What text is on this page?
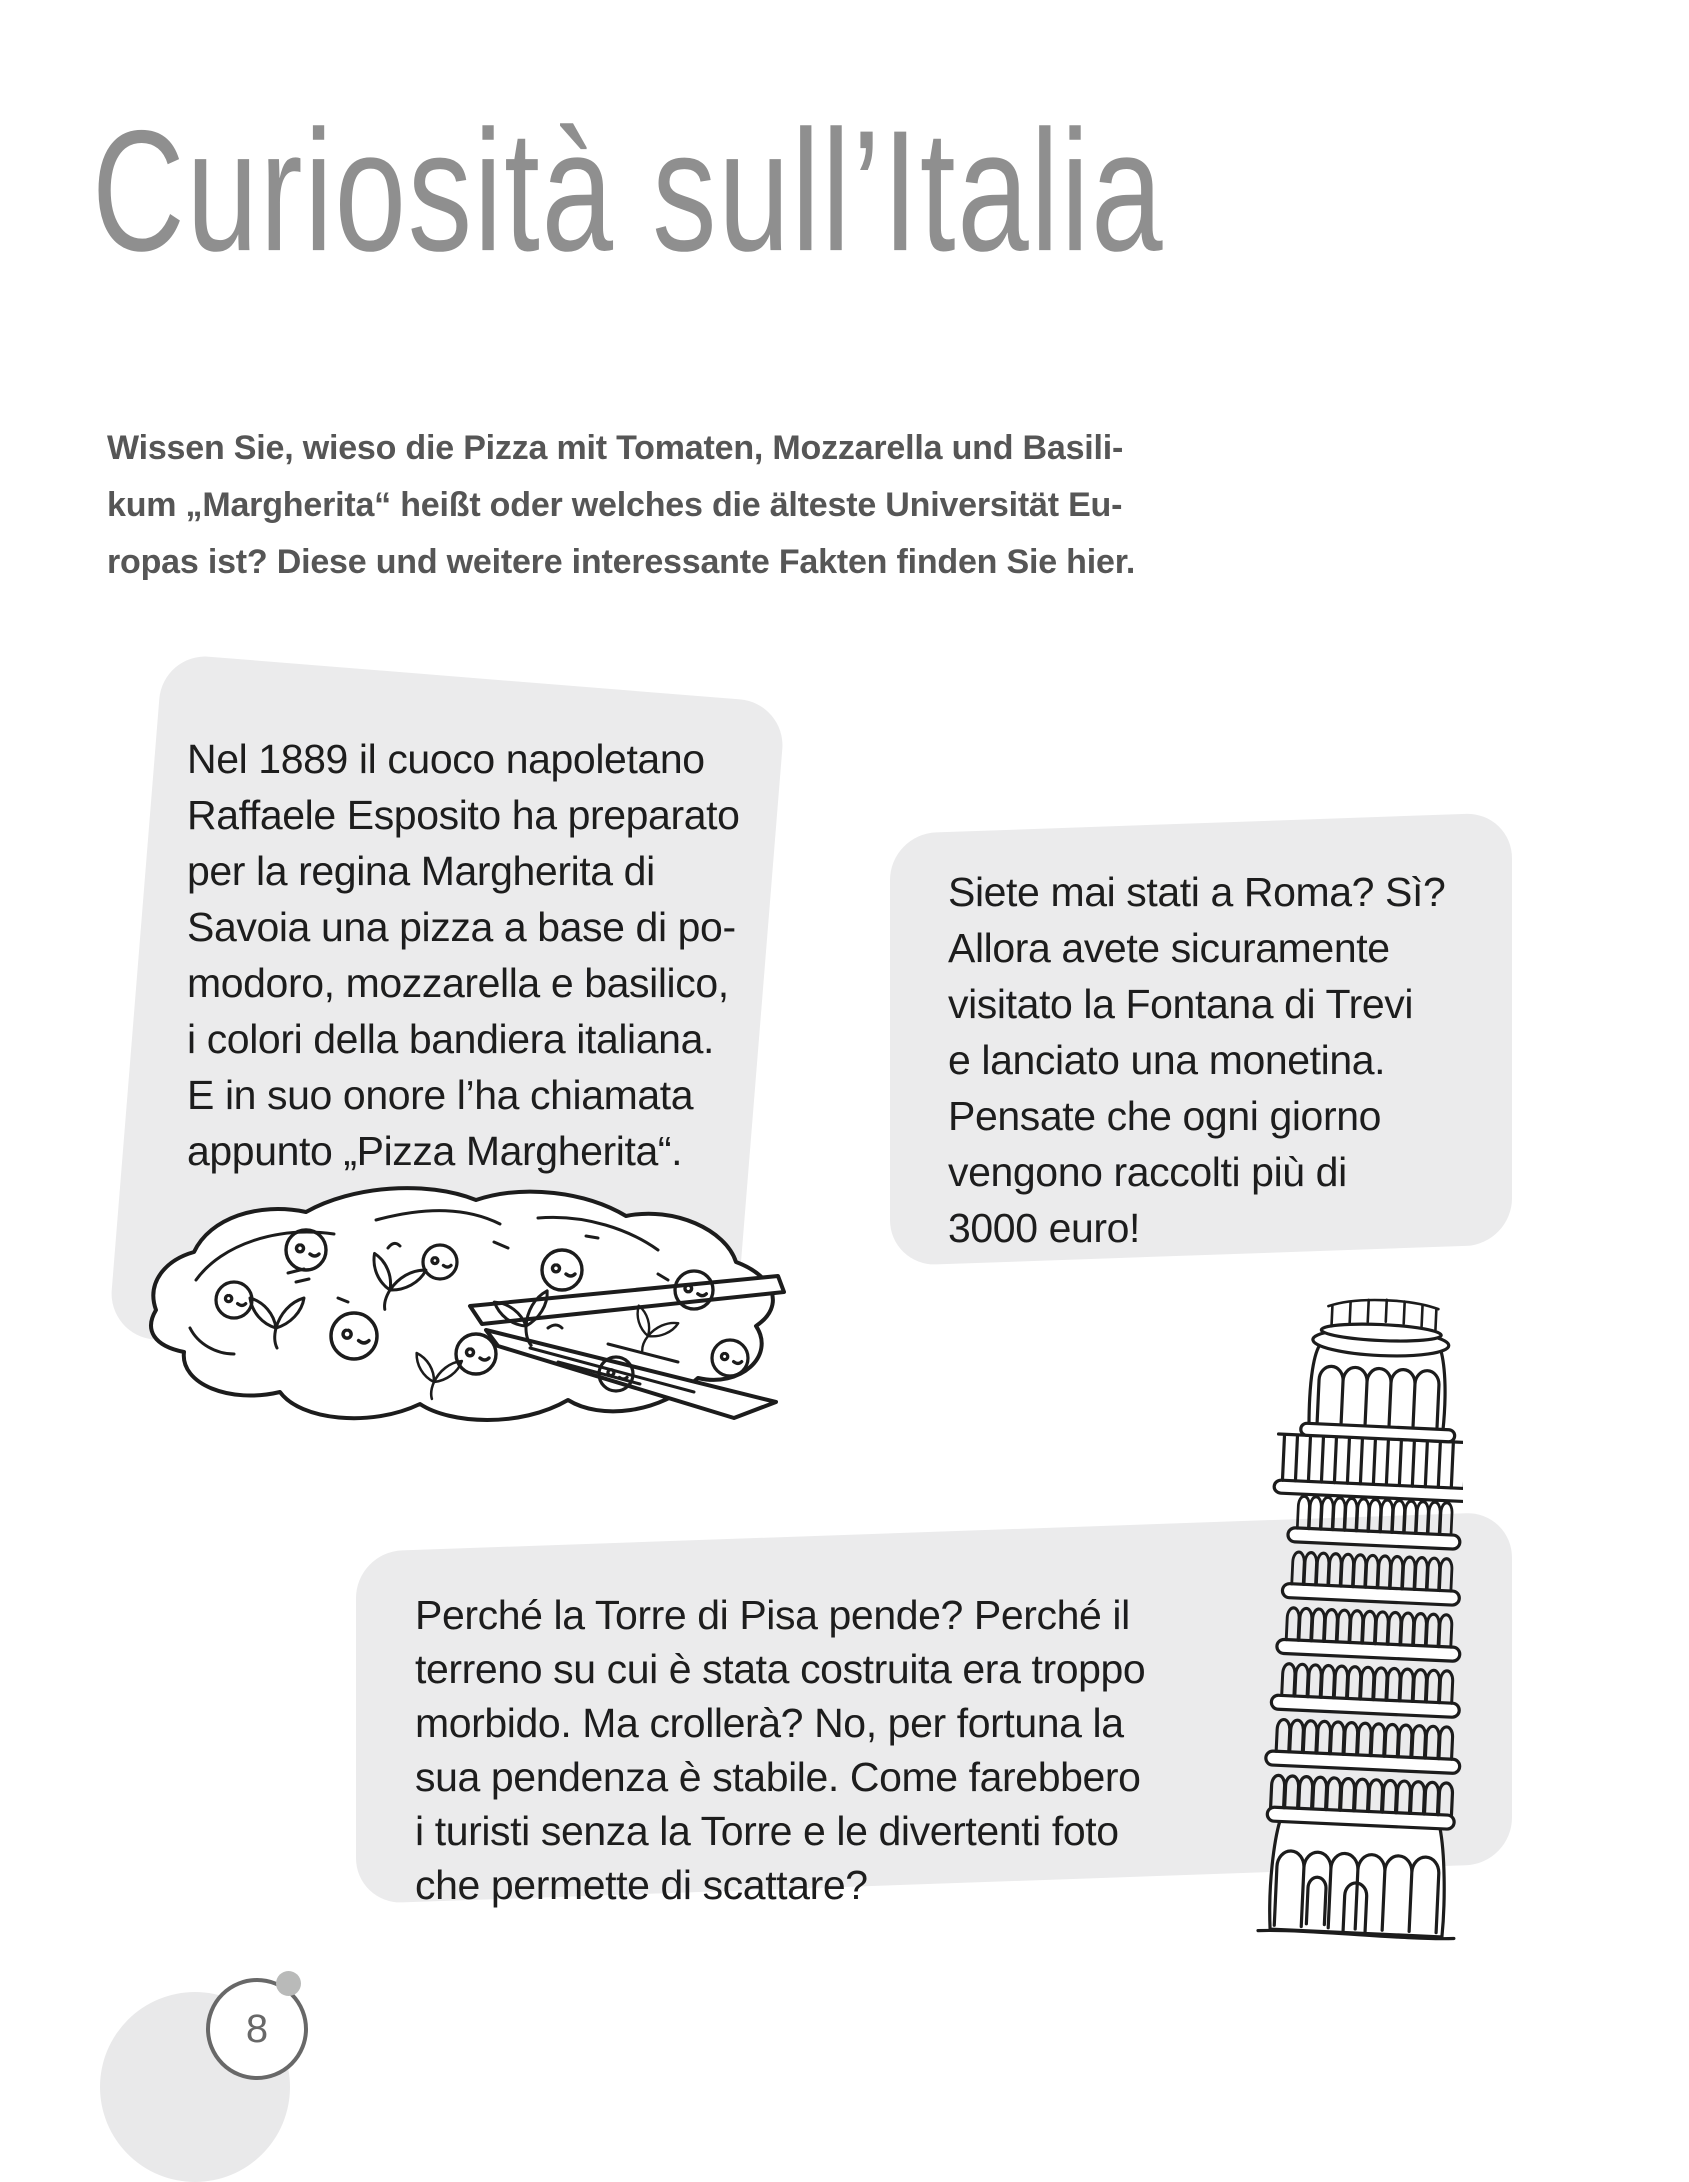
Curiosità sull’Italia
Wissen Sie, wieso die Pizza mit Tomaten, Mozzarella und Basili-
kum „Margherita“ heißt oder welches die älteste Universität Eu-
ropas ist? Diese und weitere interessante Fakten finden Sie hier.
Nel 1889 il cuoco napoletano
Raffaele Esposito ha preparato
per la regina Margherita di
Savoia una pizza a base di po-
modoro, mozzarella e basilico,
i colori della bandiera italiana.
E in suo onore l’ha chiamata
appunto „Pizza Margherita“.
Siete mai stati a Roma? Sì?
Allora avete sicuramente
visitato la Fontana di Trevi
e lanciato una monetina.
Pensate che ogni giorno
vengono raccolti più di
3000 euro!
Perché la Torre di Pisa pende? Perché il
terreno su cui è stata costruita era troppo
morbido. Ma crollerà? No, per fortuna la
sua pendenza è stabile. Come farebbero
i turisti senza la Torre e le divertenti foto
che permette di scattare?
8
